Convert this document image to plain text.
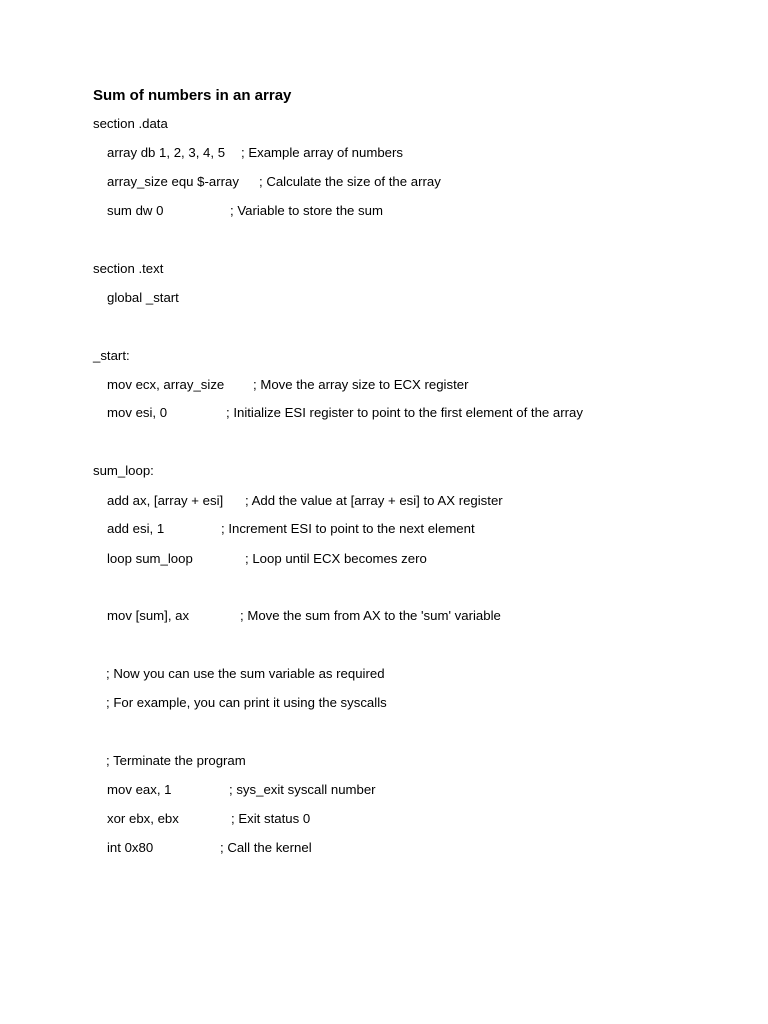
Sum of numbers in an array
section .data
array db 1, 2, 3, 4, 5 ; Example array of numbers
array_size equ $-array ; Calculate the size of the array
sum dw 0	; Variable to store the sum
section .text
global _start
_start:
mov ecx, array_size ; Move the array size to ECX register
mov esi, 0	; Initialize ESI register to point to the first element of the array
sum_loop:
add ax, [array + esi] ; Add the value at [array + esi] to AX register
add esi, 1	; Increment ESI to point to the next element
loop sum_loop	; Loop until ECX becomes zero
mov [sum], ax	; Move the sum from AX to the 'sum' variable
; Now you can use the sum variable as required
; For example, you can print it using the syscalls
; Terminate the program
mov eax, 1	; sys_exit syscall number
xor ebx, ebx	; Exit status 0
int 0x80	; Call the kernel
